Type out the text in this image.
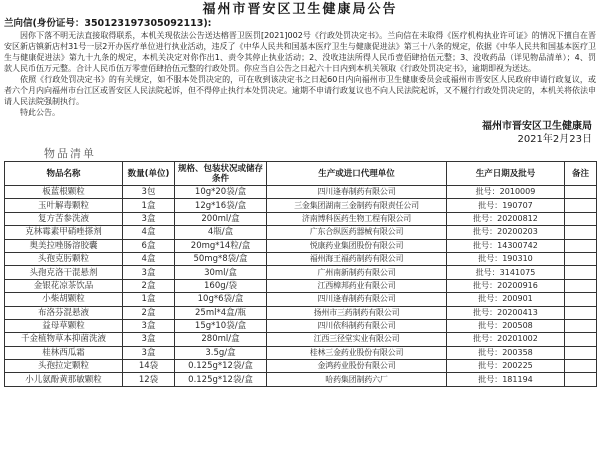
福州市晋安区卫生健康局公告
兰向信(身份证号：35012319730509​2113):

因你下落不明无法直接取得联系，本机关现依法公告送达榕晋卫医罚[2021]002号《行政处罚决定书》。兰向信在未取得《医疗机构执业许可证》的情况下擅自在晋安区新店镇新店村31号一层2开办医疗单位进行执业活动，违反了《中华人民共和国基本医疗卫生与健康促进法》第三十八条的规定，依据《中华人民共和国基本医疗卫生与健康促进法》第九十九条的规定，本机关决定对你作出1、责令其停止执业活动；2、没收违法所得人民币壹佰肆拾伍元整；3、没收药品（详见物品清单）；4、罚款人民币伍万元整。合计人民币伍万零壹佰肆拾伍元整的行政处罚。你应当自公告之日起六十日内到本机关领取《行政处罚决定书》，逾期即视为送达。

依照《行政处罚决定书》的有关规定，如不服本处罚决定的，可在收到该决定书之日起60日内向福州市卫生健康委员会或福州市晋安区人民政府申请行政复议，或者六个月内向福州市台江区或晋安区人民法院起诉，但不得停止执行本处罚决定。逾期不申请行政复议也不向人民法院起诉，又不履行行政处罚决定的，本机关将依法申请人民法院强制执行。

特此公告。

福州市晋安区卫生健康局
2021年2月23日
物品清单
物品名称	数量(单位)	规格、包装状况或储存条件	生产或进口代理单位	生产日期及批号	备注
板蓝根颗粒	3包	10g*20袋/盒	四川逢春制药有限公司	批号：2010009	
玉叶解毒颗粒	1盒	12g*16袋/盒	三金集团湖南三金制药有限责任公司	批号：190707	
复方苦参洗液	3盒	200ml/盒	济南博科医药生物工程有限公司	批号：20200812	
克林霉素甲硝唑搽剂	4盒	4瓶/盒	广东合纵医药器械有限公司	批号：20200203	
奥美拉唑肠溶胶囊	6盒	20mg*14粒/盒	悦康药业集团股份有限公司	批号：14300742	
头孢克肟颗粒	4盒	50mg*8袋/盒	福州海王福药制药有限公司	批号：190310	
头孢克洛干混悬剂	3盒	30ml/盒	广州南新制药有限公司	批号：3141075	
金银花凉茶饮品	2盒	160g/袋	江西樟邦药业有限公司	批号：20200916	
小柴胡颗粒	1盒	10g*6袋/盒	四川逢春制药有限公司	批号：200901	
布洛芬混悬液	2盒	25ml*4盒/瓶	扬州市三药制药有限公司	批号：20200413	
益母草颗粒	3盒	15g*10袋/盒	四川依科制药有限公司	批号：200508	
千金植物草本抑菌洗液	3盒	280ml/盒	江西三径堂实业有限公司	批号：20201002	
桂林西瓜霜	3盒	3.5g/盒	桂林三金药业股份有限公司	批号：200358	
头孢拉定颗粒	14袋	0.125g*12袋/盒	金鸿药业股份有限公司	批号：200225	
小儿氨酚黄那敏颗粒	12袋	0.125g*12袋/盒	哈药集团制药六厂	批号：181194	
